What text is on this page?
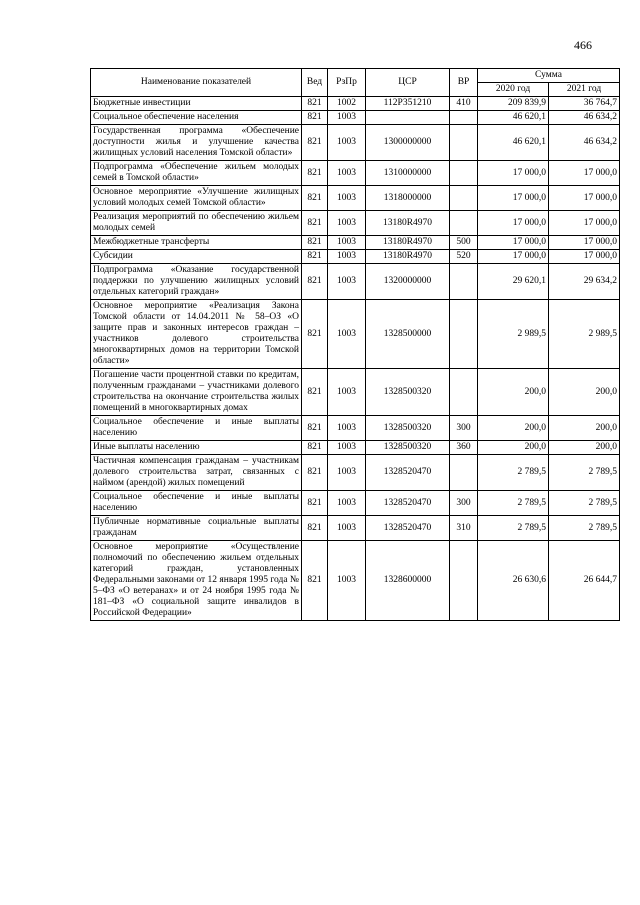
466
Наименование показателей	Вед	РзПр	ЦСР	ВР	Сумма	
					2020 год	2021 год
Бюджетные инвестиции	821	1002	112P351210	410	209 839,9	36 764,7
Социальное обеспечение населения	821	1003			46 620,1	46 634,2
Государственная программа «Обеспечение доступности жилья и улучшение качества жилищных условий населения Томской области»	821	1003	1300000000		46 620,1	46 634,2
Подпрограмма «Обеспечение жильем молодых семей в Томской области»	821	1003	1310000000		17 000,0	17 000,0
Основное мероприятие «Улучшение жилищных условий молодых семей Томской области»	821	1003	1318000000		17 000,0	17 000,0
Реализация мероприятий по обеспечению жильем молодых семей	821	1003	13180R4970		17 000,0	17 000,0
Межбюджетные трансферты	821	1003	13180R4970	500	17 000,0	17 000,0
Субсидии	821	1003	13180R4970	520	17 000,0	17 000,0
Подпрограмма «Оказание государственной поддержки по улучшению жилищных условий отдельных категорий граждан»	821	1003	1320000000		29 620,1	29 634,2
Основное мероприятие «Реализация Закона Томской области от 14.04.2011 № 58–ОЗ «О защите прав и законных интересов граждан – участников долевого строительства многоквартирных домов на территории Томской области»	821	1003	1328500000		2 989,5	2 989,5
Погашение части процентной ставки по кредитам, полученным гражданами – участниками долевого строительства на окончание строительства жилых помещений в многоквартирных домах	821	1003	1328500320		200,0	200,0
Социальное обеспечение и иные выплаты населению	821	1003	1328500320	300	200,0	200,0
Иные выплаты населению	821	1003	1328500320	360	200,0	200,0
Частичная компенсация гражданам – участникам долевого строительства затрат, связанных с наймом (арендой) жилых помещений	821	1003	1328520470		2 789,5	2 789,5
Социальное обеспечение и иные выплаты населению	821	1003	1328520470	300	2 789,5	2 789,5
Публичные нормативные социальные выплаты гражданам	821	1003	1328520470	310	2 789,5	2 789,5
Основное мероприятие «Осуществление полномочий по обеспечению жильем отдельных категорий граждан, установленных Федеральными законами от 12 января 1995 года № 5–ФЗ «О ветеранах» и от 24 ноября 1995 года № 181–ФЗ «О социальной защите инвалидов в Российской Федерации»	821	1003	1328600000		26 630,6	26 644,7
